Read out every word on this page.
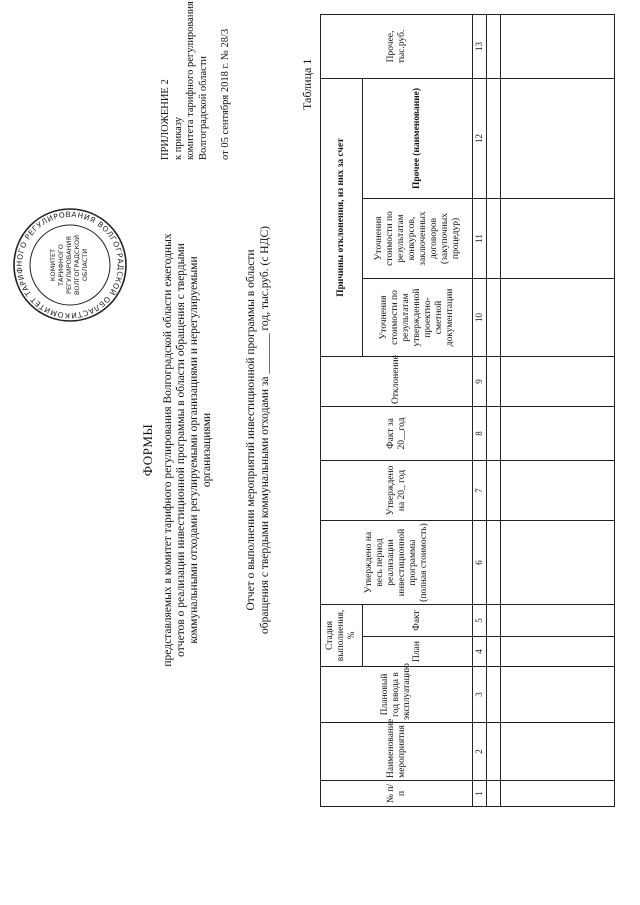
КОМИТЕТ ТАРИФНОГО РЕГУЛИРОВАНИЯ ВОЛГОГРАДСКОЙ ОБЛАСТИ
КОМИТЕТ ТАРИФНОГО РЕГУЛИРОВАНИЯ ВОЛГОГРАДСКОЙ ОБЛАСТИ
ПРИЛОЖЕНИЕ 2 к приказу комитета тарифного регулирования Волгоградской области от 05 сентября 2018 г. № 28/3
ФОРМЫ представляемых в комитет тарифного регулирования Волгоградской области ежегодных отчетов о реализации инвестиционной программы в области обращения с твердыми коммунальными отходами регулируемыми организациями и нерегулируемыми организациями	Отчет о выполнении мероприятий инвестиционной программы в области обращения с твердыми коммунальными отходами за _______ год, тыс.руб. (с НДС)
Таблица 1
№ п/п	Наименование мероприятия	Плановый год ввода в эксплуатацию	Стадия выполнения, %		Утверждено на весь период реализации инвестиционной программы (полная стоимость)	Утверждено на 20_ год	Факт за 20__год	Отклонение	Причины отклонения, из них за счет			Прочее, тыс.руб.
			План	Факт					Уточнения стоимости по результатам утвержденной проектно-сметной документации	Уточнения стоимости по результатам конкурсов, заключенных договоров (закупочных процедур)	Прочее (наименование)	

1	2	3	4	5	6	7	8	9	10	11	12	13
